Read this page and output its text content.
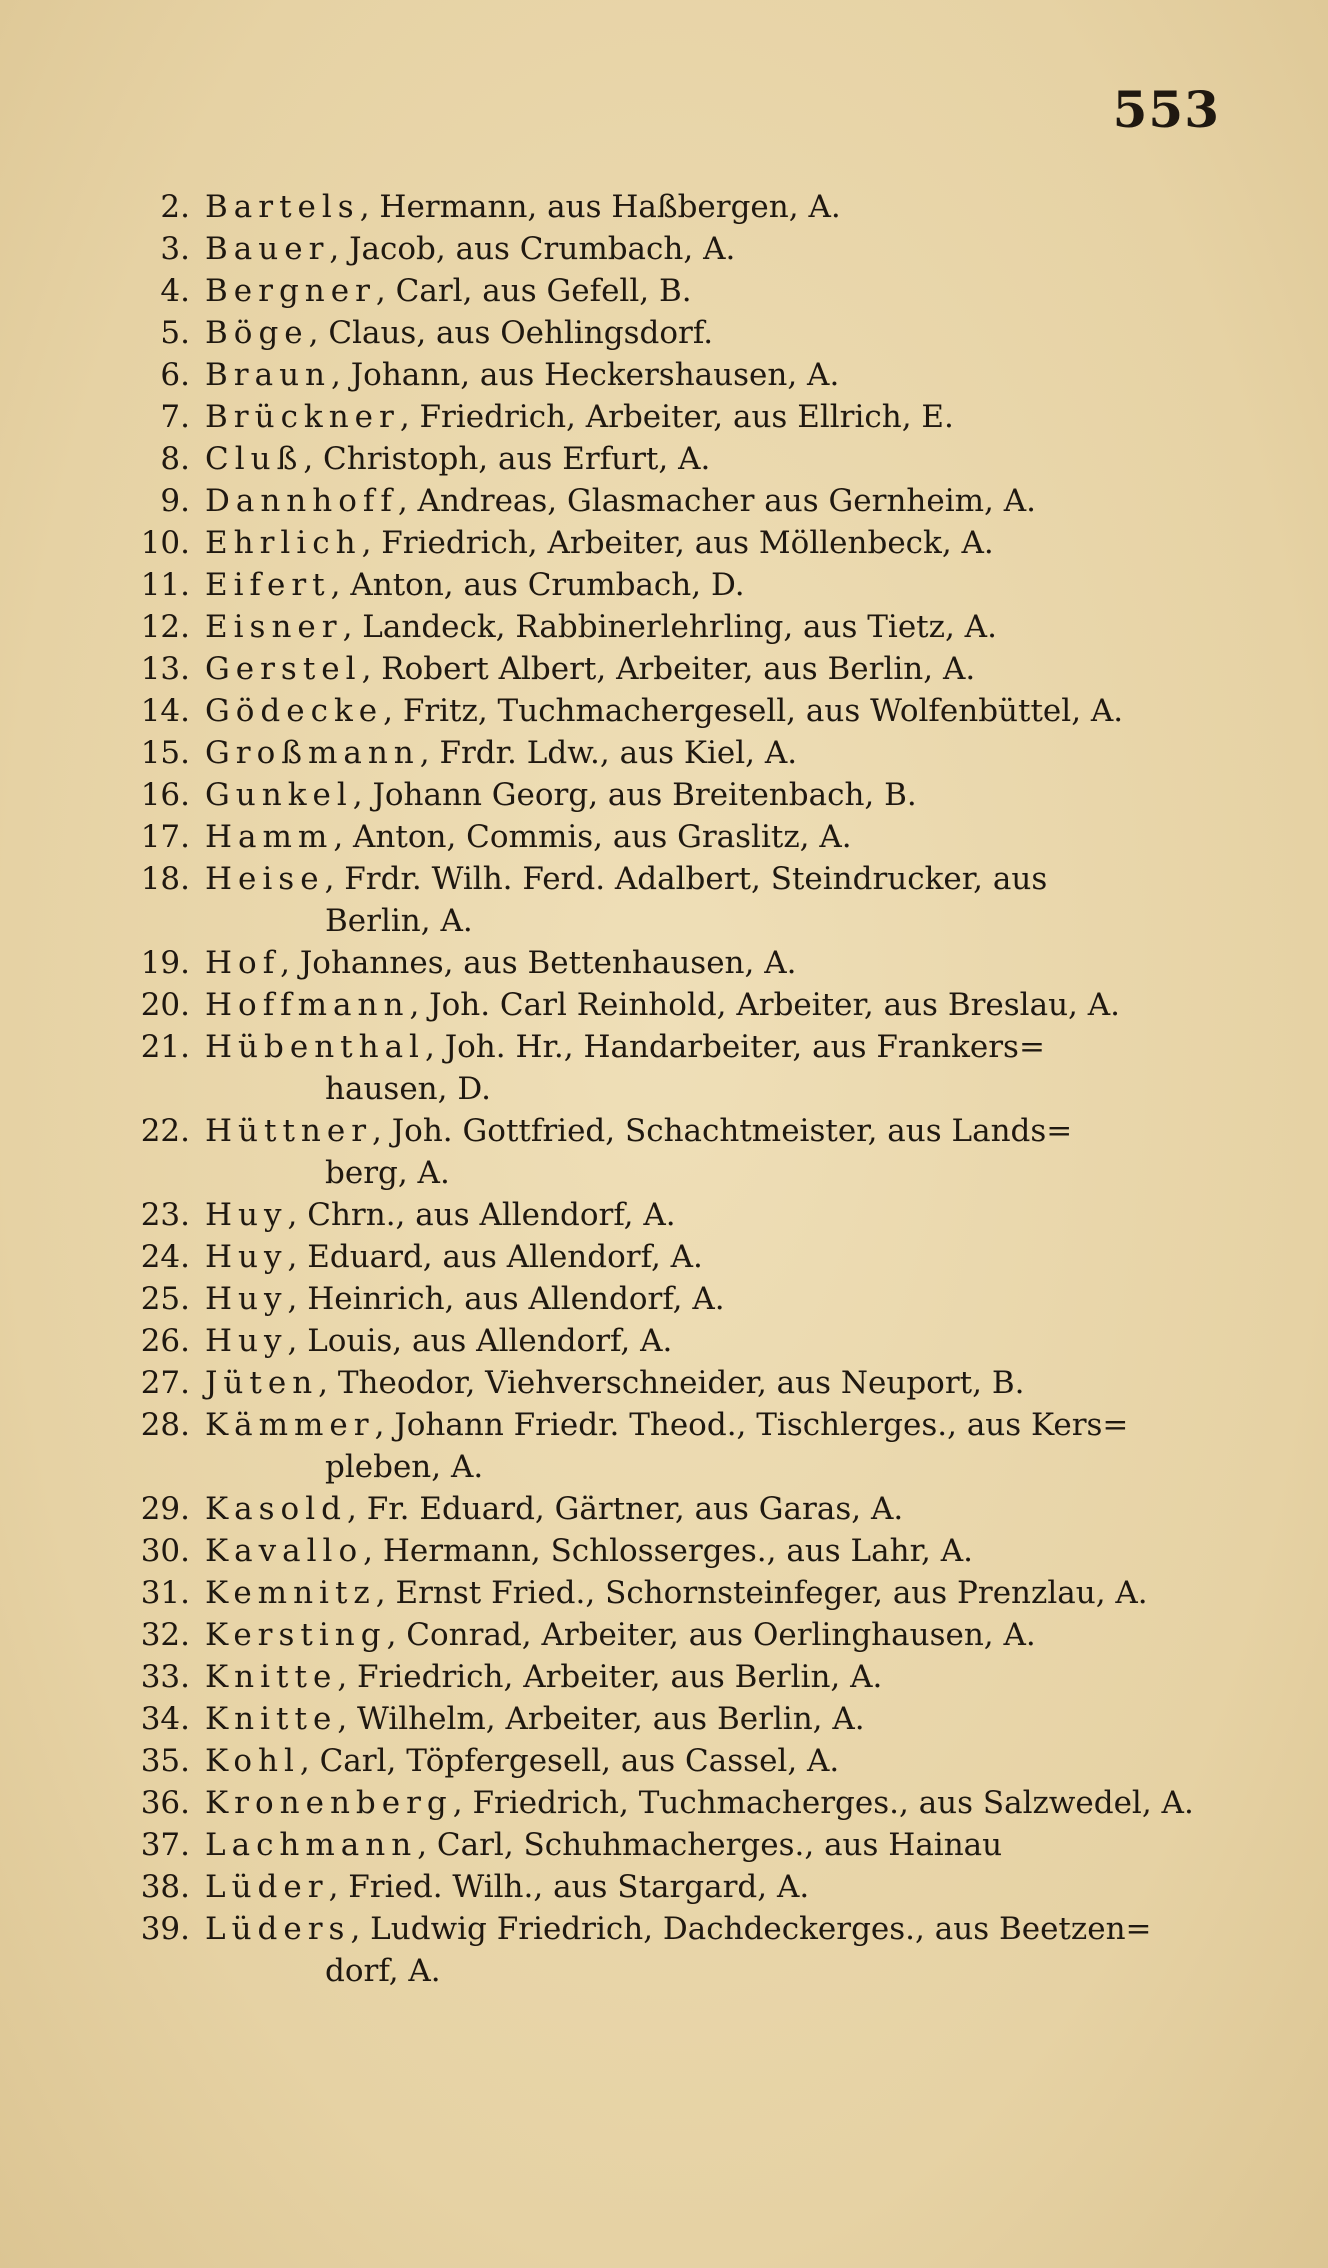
553
2. Bartels, Hermann, aus Haßbergen, A.
3. Bauer, Jacob, aus Crumbach, A.
4. Bergner, Carl, aus Gefell, B.
5. Böge, Claus, aus Oehlingsdorf.
6. Braun, Johann, aus Heckershausen, A.
7. Brückner, Friedrich, Arbeiter, aus Ellrich, E.
8. Cluß, Christoph, aus Erfurt, A.
9. Dannhoff, Andreas, Glasmacher aus Gernheim, A.
10. Ehrlich, Friedrich, Arbeiter, aus Möllenbeck, A.
11. Eifert, Anton, aus Crumbach, D.
12. Eisner, Landeck, Rabbinerlehrling, aus Tietz, A.
13. Gerstel, Robert Albert, Arbeiter, aus Berlin, A.
14. Gödecke, Fritz, Tuchmachergesell, aus Wolfenbüttel, A.
15. Großmann, Frdr. Ldw., aus Kiel, A.
16. Gunkel, Johann Georg, aus Breitenbach, B.
17. Hamm, Anton, Commis, aus Graslitz, A.
18. Heise, Frdr. Wilh. Ferd. Adalbert, Steindrucker, aus
Berlin, A.
19. Hof, Johannes, aus Bettenhausen, A.
20. Hoffmann, Joh. Carl Reinhold, Arbeiter, aus Breslau, A.
21. Hübenthal, Joh. Hr., Handarbeiter, aus Frankers=
hausen, D.
22. Hüttner, Joh. Gottfried, Schachtmeister, aus Lands=
berg, A.
23. Huy, Chrn., aus Allendorf, A.
24. Huy, Eduard, aus Allendorf, A.
25. Huy, Heinrich, aus Allendorf, A.
26. Huy, Louis, aus Allendorf, A.
27. Jüten, Theodor, Viehverschneider, aus Neuport, B.
28. Kämmer, Johann Friedr. Theod., Tischlerges., aus Kers=
pleben, A.
29. Kasold, Fr. Eduard, Gärtner, aus Garas, A.
30. Kavallo, Hermann, Schlosserges., aus Lahr, A.
31. Kemnitz, Ernst Fried., Schornsteinfeger, aus Prenzlau, A.
32. Kersting, Conrad, Arbeiter, aus Oerlinghausen, A.
33. Knitte, Friedrich, Arbeiter, aus Berlin, A.
34. Knitte, Wilhelm, Arbeiter, aus Berlin, A.
35. Kohl, Carl, Töpfergesell, aus Cassel, A.
36. Kronenberg, Friedrich, Tuchmacherges., aus Salzwedel, A.
37. Lachmann, Carl, Schuhmacherges., aus Hainau
38. Lüder, Fried. Wilh., aus Stargard, A.
39. Lüders, Ludwig Friedrich, Dachdeckerges., aus Beetzen=
dorf, A.
